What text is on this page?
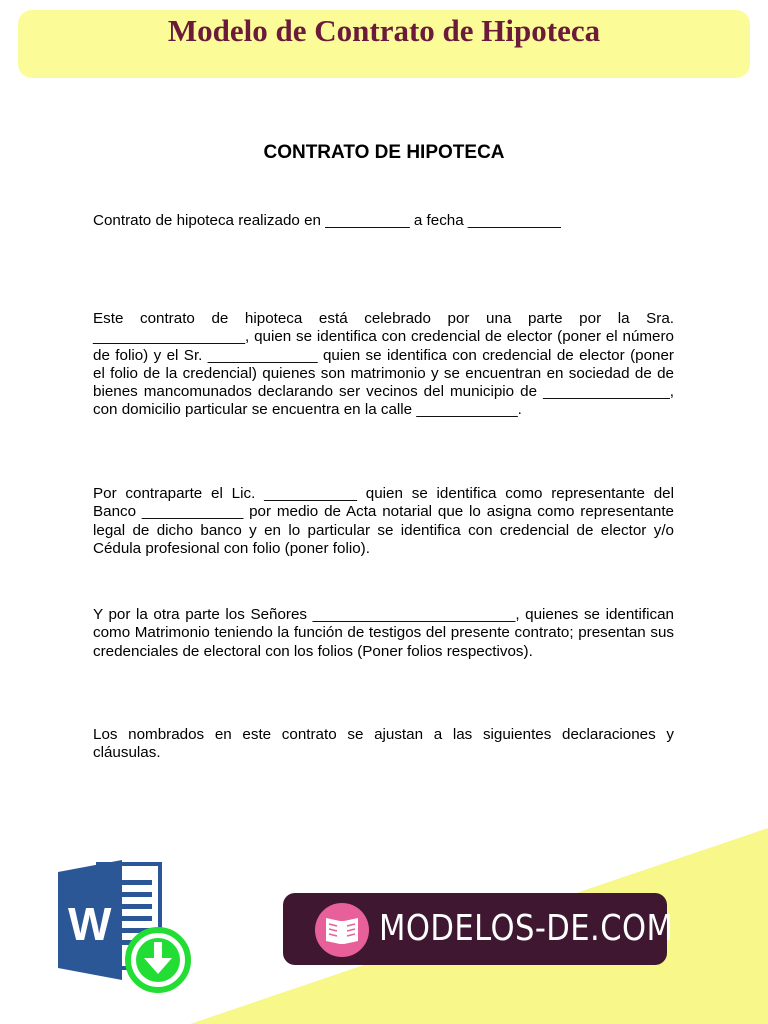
Modelo de Contrato de Hipoteca
CONTRATO DE HIPOTECA

Contrato de hipoteca realizado en __________ a fecha ___________

Este contrato de hipoteca está celebrado por una parte por la Sra. __________________, quien se identifica con credencial de elector (poner el número de folio) y el Sr. _____________ quien se identifica con credencial de elector (poner el folio de la credencial) quienes son matrimonio y se encuentran en sociedad de de bienes mancomunados declarando ser vecinos del municipio de _______________, con domicilio particular se encuentra en la calle ____________.

Por contraparte el Lic. ___________ quien se identifica como representante del Banco ____________ por medio de Acta notarial que lo asigna como representante legal de dicho banco y en lo particular se identifica con credencial de elector y/o Cédula profesional con folio (poner folio).

Y por la otra parte los Señores ________________________, quienes se identifican como Matrimonio teniendo la función de testigos del presente contrato; presentan sus credenciales de electoral con los folios (Poner folios respectivos).

Los nombrados en este contrato se ajustan a las siguientes declaraciones y cláusulas.

W	MODELOS-DE.COM
